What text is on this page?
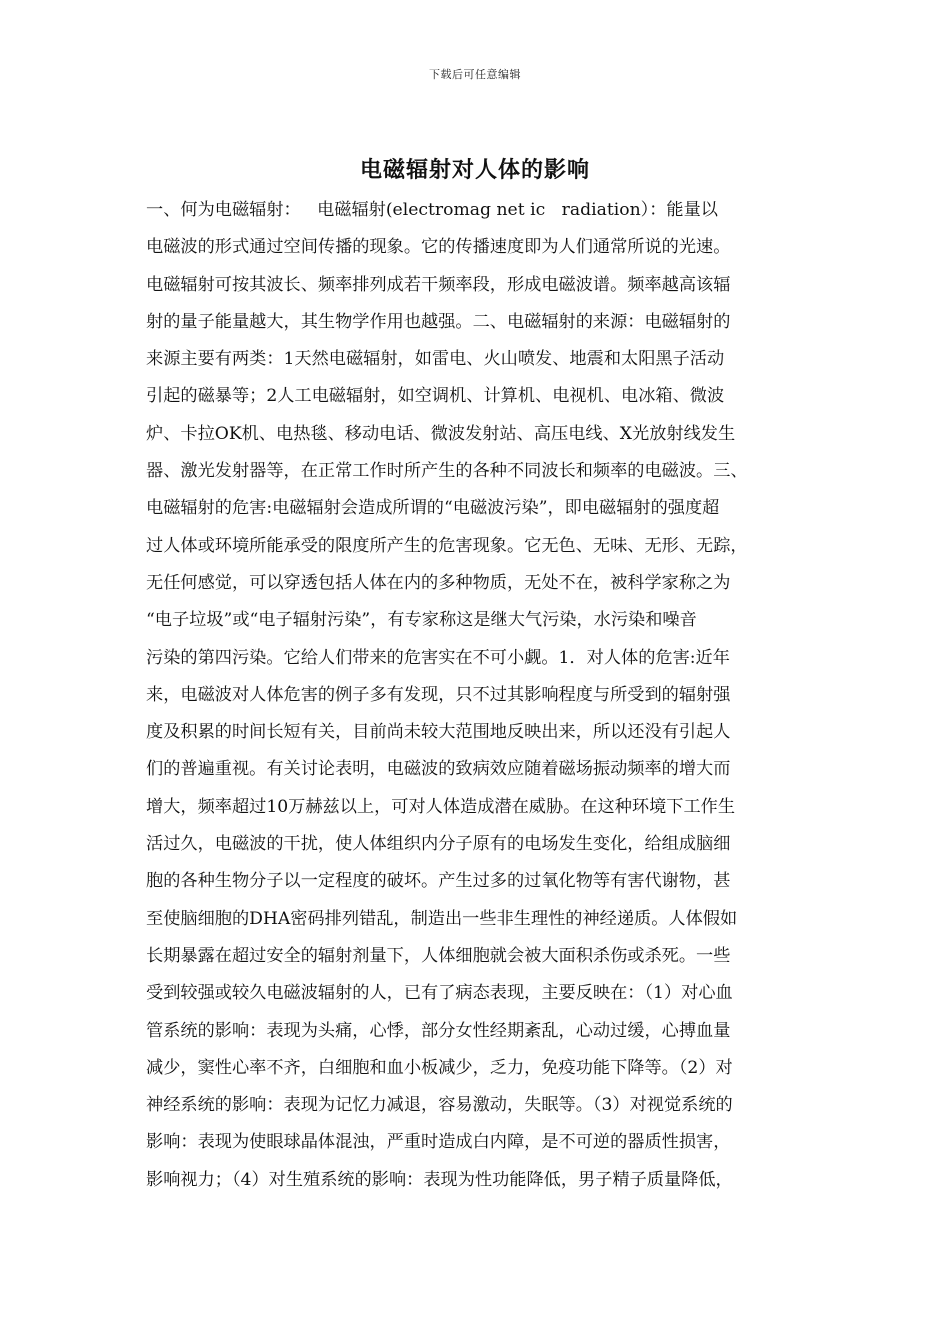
下载后可任意编辑
电磁辐射对人体的影响
一、何为电磁辐射：   电磁辐射(electromag net ic   radiation）：能量以
电磁波的形式通过空间传播的现象。它的传播速度即为人们通常所说的光速。
电磁辐射可按其波长、频率排列成若干频率段，形成电磁波谱。频率越高该辐
射的量子能量越大，其生物学作用也越强。二、电磁辐射的来源：电磁辐射的
来源主要有两类：1天然电磁辐射，如雷电、火山喷发、地震和太阳黑子活动
引起的磁暴等；2人工电磁辐射，如空调机、计算机、电视机、电冰箱、微波
炉、卡拉OK机、电热毯、移动电话、微波发射站、高压电线、X光放射线发生
器、激光发射器等，在正常工作时所产生的各种不同波长和频率的电磁波。三、
电磁辐射的危害:电磁辐射会造成所谓的“电磁波污染”，即电磁辐射的强度超
过人体或环境所能承受的限度所产生的危害现象。它无色、无味、无形、无踪，
无任何感觉，可以穿透包括人体在内的多种物质，无处不在，被科学家称之为
“电子垃圾”或“电子辐射污染”，有专家称这是继大气污染，水污染和噪音
污染的第四污染。它给人们带来的危害实在不可小觑。1．对人体的危害:近年
来，电磁波对人体危害的例子多有发现，只不过其影响程度与所受到的辐射强
度及积累的时间长短有关，目前尚未较大范围地反映出来，所以还没有引起人
们的普遍重视。有关讨论表明，电磁波的致病效应随着磁场振动频率的增大而
增大，频率超过10万赫兹以上，可对人体造成潜在威胁。在这种环境下工作生
活过久，电磁波的干扰，使人体组织内分子原有的电场发生变化，给组成脑细
胞的各种生物分子以一定程度的破坏。产生过多的过氧化物等有害代谢物，甚
至使脑细胞的DHA密码排列错乱，制造出一些非生理性的神经递质。人体假如
长期暴露在超过安全的辐射剂量下，人体细胞就会被大面积杀伤或杀死。一些
受到较强或较久电磁波辐射的人，已有了病态表现，主要反映在：（1）对心血
管系统的影响：表现为头痛，心悸，部分女性经期紊乱，心动过缓，心搏血量
减少，窦性心率不齐，白细胞和血小板减少，乏力，免疫功能下降等。（2）对
神经系统的影响：表现为记忆力减退，容易激动，失眠等。（3）对视觉系统的
影响：表现为使眼球晶体混浊，严重时造成白内障，是不可逆的器质性损害，
影响视力；（4）对生殖系统的影响：表现为性功能降低，男子精子质量降低，
